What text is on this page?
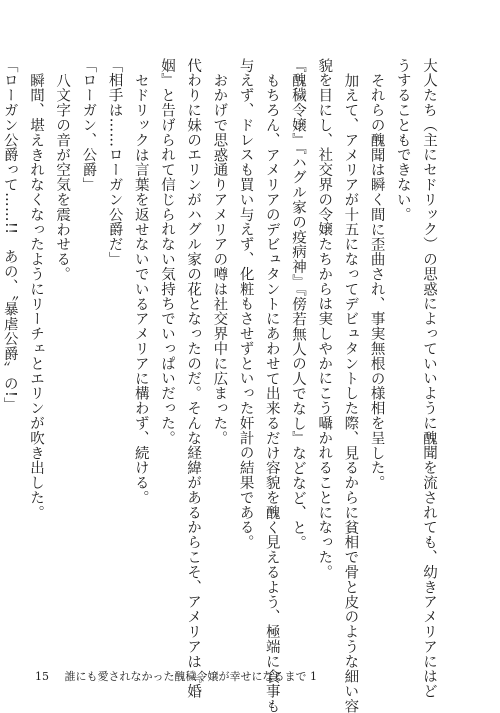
大人たち（主にセドリック）の思惑によっていいように醜聞を流されても、幼きアメリアにはど
うすることもできない。
それらの醜聞は瞬く間に歪曲され、事実無根の様相を呈した。
加えて、アメリアが十五になってデビュタントした際、見るからに貧相で骨と皮のような細い容
貌を目にし、社交界の令嬢たちからは実しやかにこう囁かれることになった。
『醜穢令嬢』『ハグル家の疫病神』『傍若無人の人でなし』などなど、と。
もちろん、アメリアのデビュタントにあわせて出来るだけ容貌を醜く見えるよう、極端に食事も
与えず、ドレスも買い与えず、化粧もさせずといった奸計の結果である。
おかげで思惑通りアメリアの噂は社交界中に広まった。
代わりに妹のエリンがハグル家の花となったのだ。そんな経緯があるからこそ、アメリアは『婚
姻』と告げられて信じられない気持ちでいっぱいだった。
セドリックは言葉を返せないでいるアメリアに構わず、続ける。
「相手は……ローガン公爵だ」
「ローガン、公爵」
八文字の音が空気を震わせる。
瞬間、堪えきれなくなったようにリーチェとエリンが吹き出した。
「ローガン公爵って……!!　あの、〝暴虐公爵〟の!」
15 誰にも愛されなかった醜穢令嬢が幸せになるまで 1
